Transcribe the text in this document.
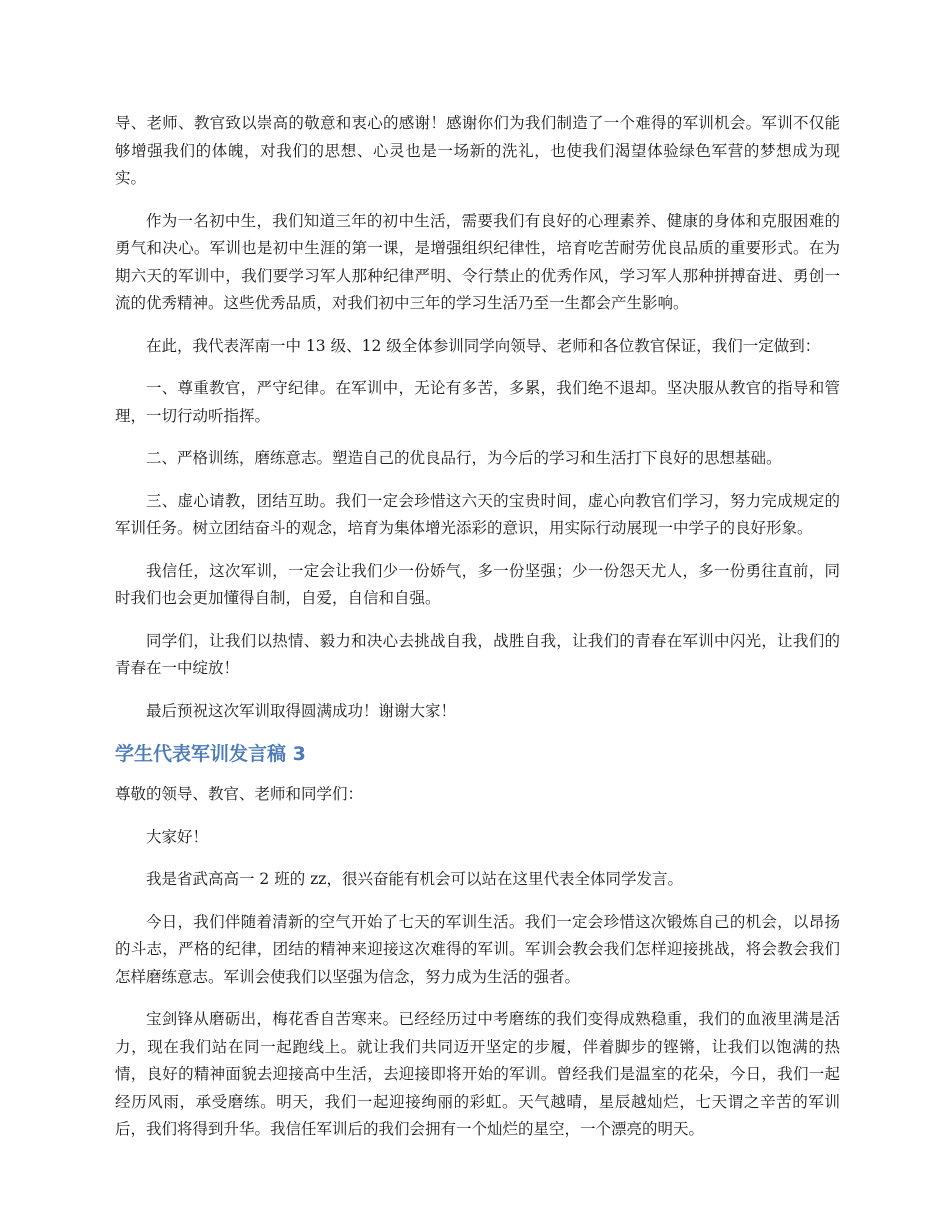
导、老师、教官致以崇高的敬意和衷心的感谢！感谢你们为我们制造了一个难得的军训机会。军训不仅能够增强我们的体魄，对我们的思想、心灵也是一场新的洗礼，也使我们渴望体验绿色军营的梦想成为现实。

作为一名初中生，我们知道三年的初中生活，需要我们有良好的心理素养、健康的身体和克服困难的勇气和决心。军训也是初中生涯的第一课，是增强组织纪律性，培育吃苦耐劳优良品质的重要形式。在为期六天的军训中，我们要学习军人那种纪律严明、令行禁止的优秀作风，学习军人那种拼搏奋进、勇创一流的优秀精神。这些优秀品质，对我们初中三年的学习生活乃至一生都会产生影响。

在此，我代表浑南一中 13 级、12 级全体参训同学向领导、老师和各位教官保证，我们一定做到：

一、尊重教官，严守纪律。在军训中，无论有多苦，多累，我们绝不退却。坚决服从教官的指导和管理，一切行动听指挥。

二、严格训练，磨练意志。塑造自己的优良品行，为今后的学习和生活打下良好的思想基础。

三、虚心请教，团结互助。我们一定会珍惜这六天的宝贵时间，虚心向教官们学习，努力完成规定的军训任务。树立团结奋斗的观念，培育为集体增光添彩的意识，用实际行动展现一中学子的良好形象。

我信任，这次军训，一定会让我们少一份娇气，多一份坚强；少一份怨天尤人，多一份勇往直前，同时我们也会更加懂得自制，自爱，自信和自强。

同学们，让我们以热情、毅力和决心去挑战自我，战胜自我，让我们的青春在军训中闪光，让我们的青春在一中绽放！

最后预祝这次军训取得圆满成功！谢谢大家！

学生代表军训发言稿 3

尊敬的领导、教官、老师和同学们：

大家好！

我是省武高高一 2 班的 zz，很兴奋能有机会可以站在这里代表全体同学发言。

今日，我们伴随着清新的空气开始了七天的军训生活。我们一定会珍惜这次锻炼自己的机会，以昂扬的斗志，严格的纪律，团结的精神来迎接这次难得的军训。军训会教会我们怎样迎接挑战，将会教会我们怎样磨练意志。军训会使我们以坚强为信念，努力成为生活的强者。

宝剑锋从磨砺出，梅花香自苦寒来。已经经历过中考磨练的我们变得成熟稳重，我们的血液里满是活力，现在我们站在同一起跑线上。就让我们共同迈开坚定的步履，伴着脚步的铿锵，让我们以饱满的热情，良好的精神面貌去迎接高中生活，去迎接即将开始的军训。曾经我们是温室的花朵，今日，我们一起经历风雨，承受磨练。明天，我们一起迎接绚丽的彩虹。天气越晴，星辰越灿烂，七天谓之辛苦的军训后，我们将得到升华。我信任军训后的我们会拥有一个灿烂的星空，一个漂亮的明天。
